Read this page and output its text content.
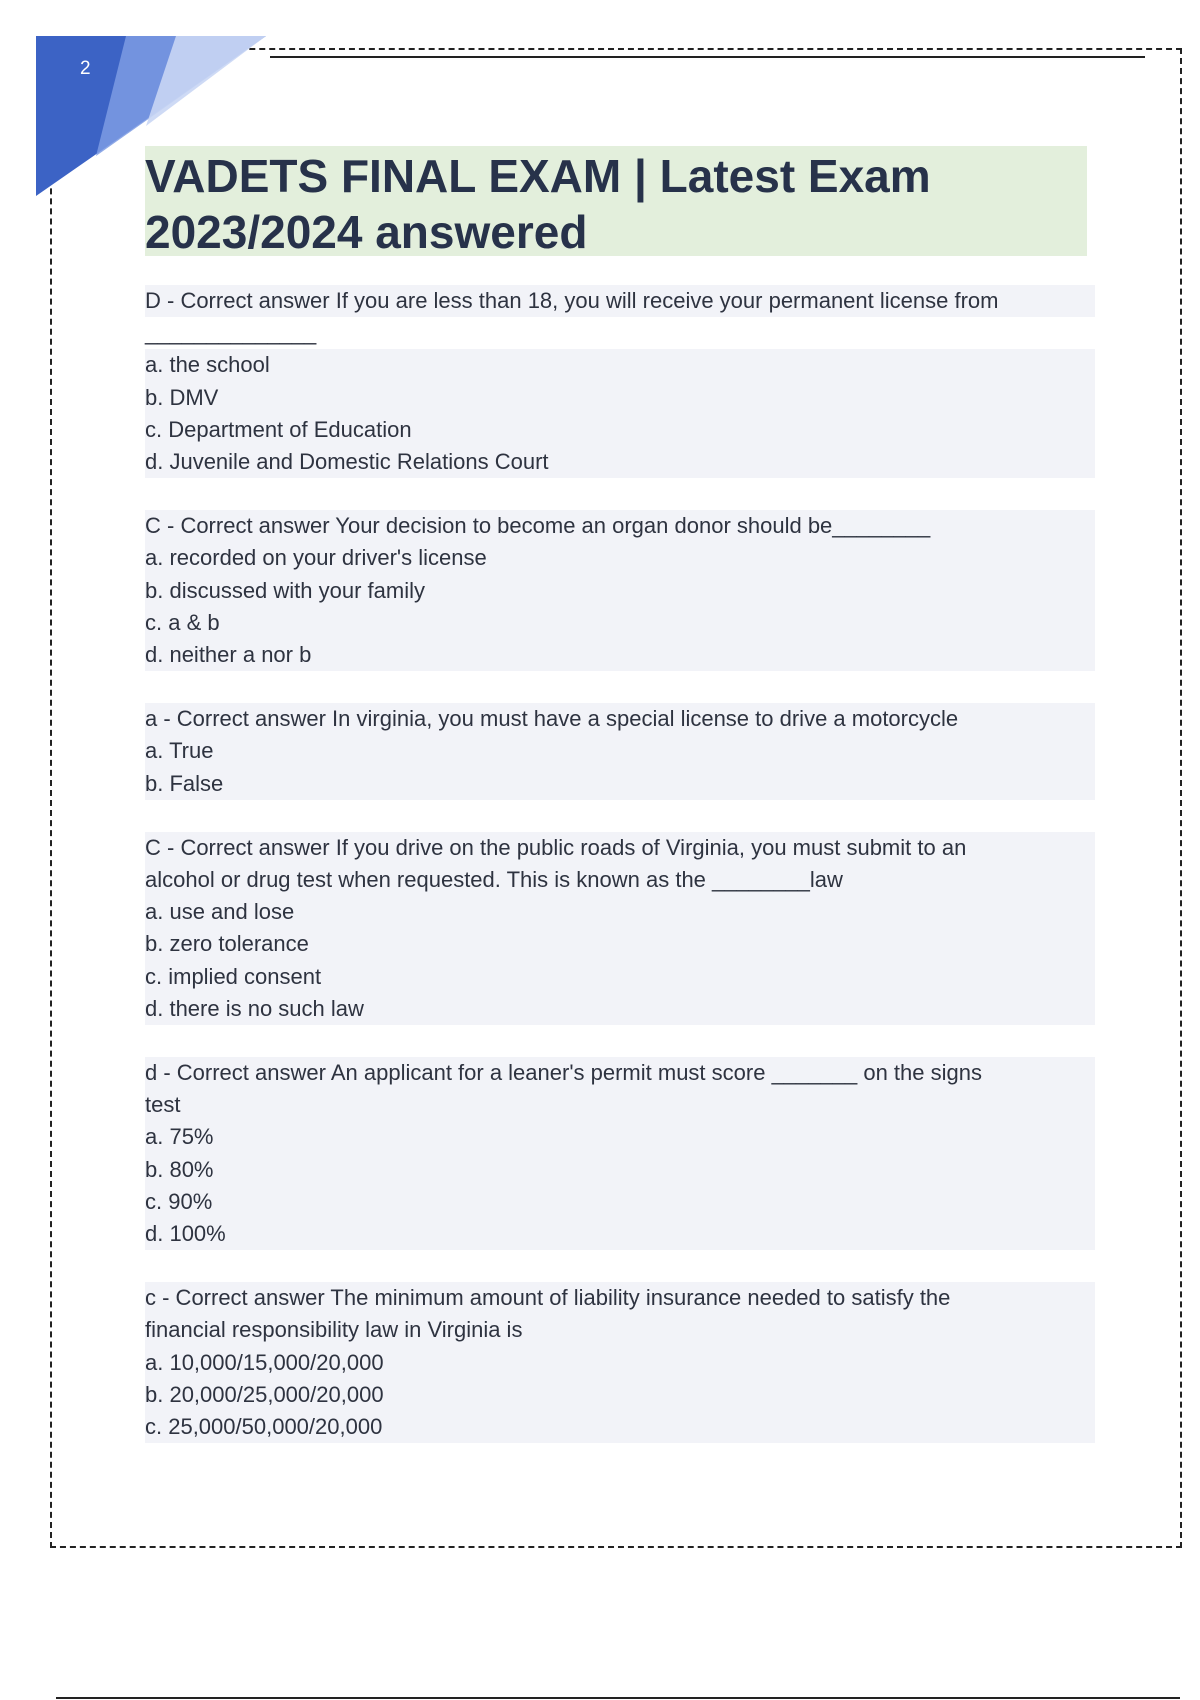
2
VADETS FINAL EXAM | Latest Exam
2023/2024 answered
D - Correct answer If you are less than 18, you will receive your permanent license from
______________
a. the school
b. DMV
c. Department of Education
d. Juvenile and Domestic Relations Court
C - Correct answer Your decision to become an organ donor should be________
a. recorded on your driver's license
b. discussed with your family
c. a & b
d. neither a nor b
a - Correct answer In virginia, you must have a special license to drive a motorcycle
a. True
b. False
C - Correct answer If you drive on the public roads of Virginia, you must submit to an
alcohol or drug test when requested. This is known as the ________law
a. use and lose
b. zero tolerance
c. implied consent
d. there is no such law
d - Correct answer An applicant for a leaner's permit must score _______ on the signs
test
a. 75%
b. 80%
c. 90%
d. 100%
c - Correct answer The minimum amount of liability insurance needed to satisfy the
financial responsibility law in Virginia is
a. 10,000/15,000/20,000
b. 20,000/25,000/20,000
c. 25,000/50,000/20,000
